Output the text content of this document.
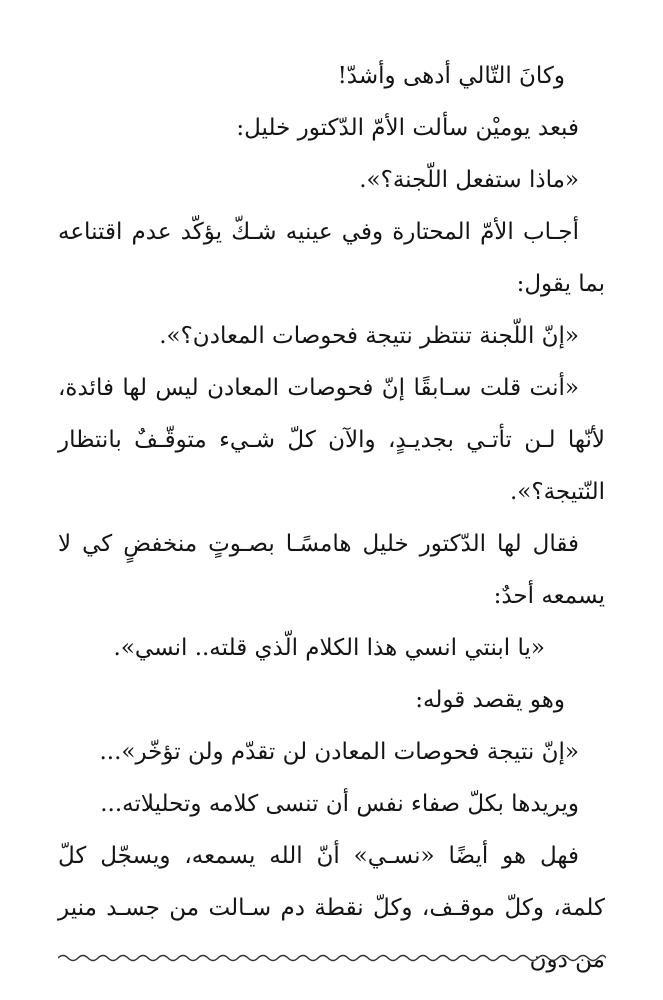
وكانَ التّالي أدهى وأشدّ!

فبعد يوميْن سألت الأمّ الدّكتور خليل:

«ماذا ستفعل اللّجنة؟».

أجـاب الأمّ المحتارة وفي عينيه شـكّ يؤكّد عدم اقتناعه بما يقول:

«إنّ اللّجنة تنتظر نتيجة فحوصات المعادن؟».

«أنت قلت سـابقًا إنّ فحوصات المعادن ليس لها فائدة، لأنّها لـن تأتـي بجديـدٍ، والآن كلّ شـيء متوقّـفٌ بانتظار النّتيجة؟».

فقال لها الدّكتور خليل هامسًـا بصـوتٍ منخفضٍ كي لا يسمعه أحدٌ:

«يا ابنتي انسي هذا الكلام الّذي قلته.. انسي».

وهو يقصد قوله:

«إنّ نتيجة فحوصات المعادن لن تقدّم ولن تؤخّر»...

ويريدها بكلّ صفاء نفس أن تنسى كلامه وتحليلاته...

فهل هو أيضًا «نسـي» أنّ الله يسمعه، ويسجّل كلّ كلمة، وكلّ موقـف، وكلّ نقطة دم سـالت من جسـد منير من دون
